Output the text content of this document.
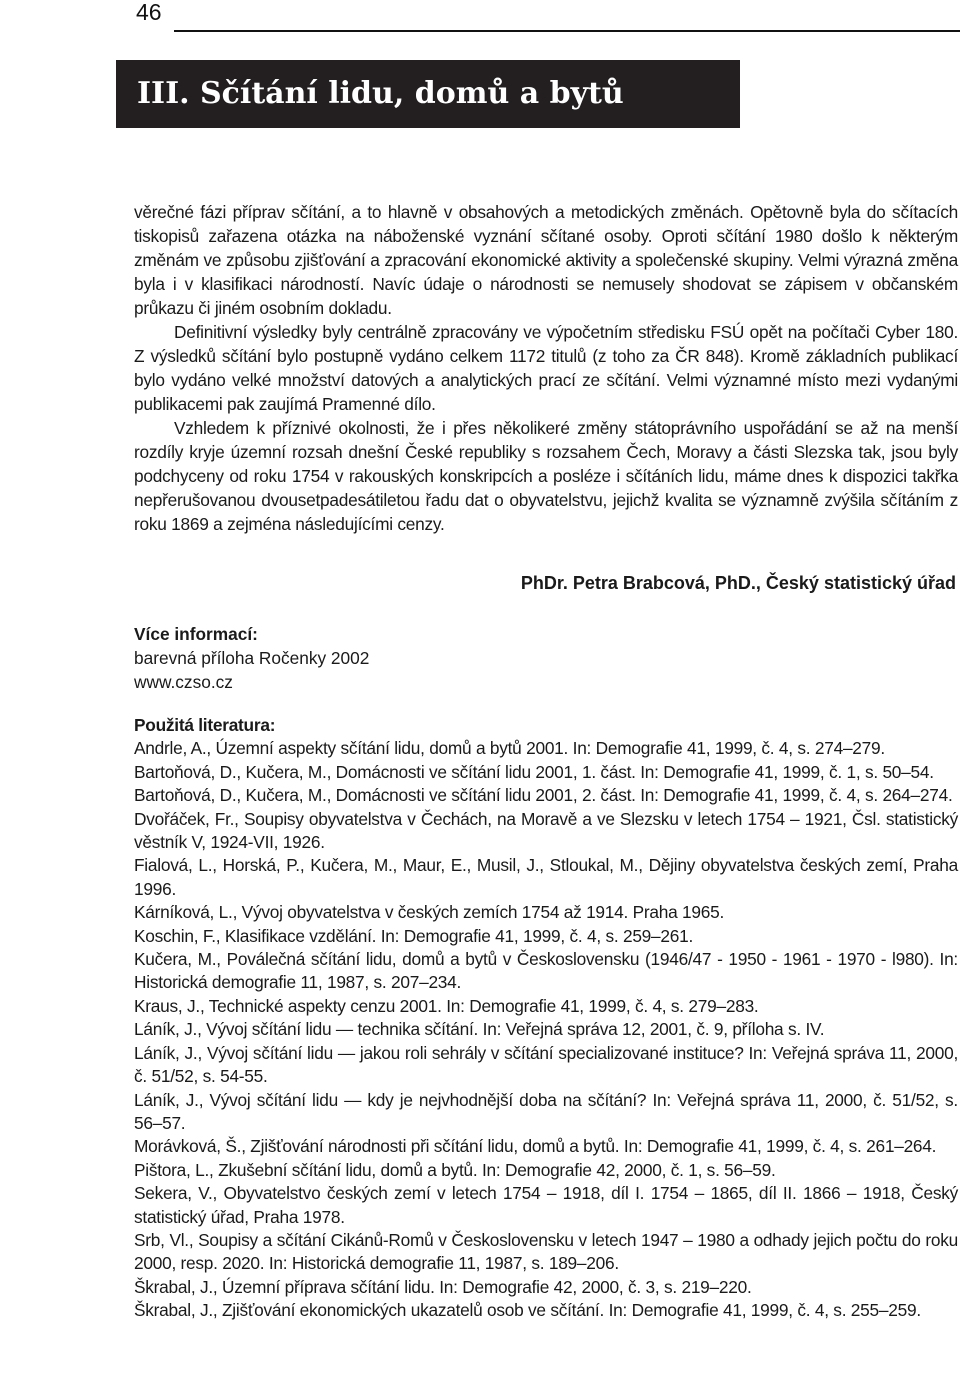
46
III. Sčítání lidu, domů a bytů

věrečné fázi příprav sčítání, a to hlavně v obsahových a metodických změnách. Opětovně byla do sčítacích tiskopisů zařazena otázka na náboženské vyznání sčítané osoby. Oproti sčítání 1980 došlo k některým změnám ve způsobu zjišťování a zpracování ekonomické aktivity a společenské skupiny. Velmi výrazná změna byla i v klasifikaci národností. Navíc údaje o národnosti se nemusely shodovat se zápisem v občanském průkazu či jiném osobním dokladu.

Definitivní výsledky byly centrálně zpracovány ve výpočetním středisku FSÚ opět na počítači Cyber 180. Z výsledků sčítání bylo postupně vydáno celkem 1172 titulů (z toho za ČR 848). Kromě základních publikací bylo vydáno velké množství datových a analytických prací ze sčítání. Velmi významné místo mezi vydanými publikacemi pak zaujímá Pramenné dílo.

Vzhledem k příznivé okolnosti, že i přes několikeré změny státoprávního uspořádání se až na menší rozdíly kryje územní rozsah dnešní České republiky s rozsahem Čech, Moravy a části Slezska tak, jsou byly podchyceny od roku 1754 v rakouských konskripcích a posléze i sčítáních lidu, máme dnes k dispozici takřka nepřerušovanou dvousetpadesátiletou řadu dat o obyvatelstvu, jejichž kvalita se významně zvýšila sčítáním z roku 1869 a zejména následujícími cenzy.

PhDr. Petra Brabcová, PhD., Český statistický úřad
Více informací:
barevná příloha Ročenky 2002
www.czso.cz
Použitá literatura:
Andrle, A., Územní aspekty sčítání lidu, domů a bytů 2001. In: Demografie 41, 1999, č. 4, s. 274–279.
Bartoňová, D., Kučera, M., Domácnosti ve sčítání lidu 2001, 1. část. In: Demografie 41, 1999, č. 1, s. 50–54.
Bartoňová, D., Kučera, M., Domácnosti ve sčítání lidu 2001, 2. část. In: Demografie 41, 1999, č. 4, s. 264–274.
Dvořáček, Fr., Soupisy obyvatelstva v Čechách, na Moravě a ve Slezsku v letech 1754 – 1921, Čsl. statistický věstník V, 1924-VII, 1926.
Fialová, L., Horská, P., Kučera, M., Maur, E., Musil, J., Stloukal, M., Dějiny obyvatelstva českých zemí, Praha 1996.
Kárníková, L., Vývoj obyvatelstva v českých zemích 1754 až 1914. Praha 1965.
Koschin, F., Klasifikace vzdělání. In: Demografie 41, 1999, č. 4, s. 259–261.
Kučera, M., Poválečná sčítání lidu, domů a bytů v Československu (1946/47 - 1950 - 1961 - 1970 - l980). In: Historická demografie 11, 1987, s. 207–234.
Kraus, J., Technické aspekty cenzu 2001. In: Demografie 41, 1999, č. 4, s. 279–283.
Láník, J., Vývoj sčítání lidu — technika sčítání. In: Veřejná správa 12, 2001, č. 9, příloha s. IV.
Láník, J., Vývoj sčítání lidu — jakou roli sehrály v sčítání specializované instituce? In: Veřejná správa 11, 2000, č. 51/52, s. 54-55.
Láník, J., Vývoj sčítání lidu — kdy je nejvhodnější doba na sčítání? In: Veřejná správa 11, 2000, č. 51/52, s. 56–57.
Morávková, Š., Zjišťování národnosti při sčítání lidu, domů a bytů. In: Demografie 41, 1999, č. 4, s. 261–264.
Pištora, L., Zkušební sčítání lidu, domů a bytů. In: Demografie 42, 2000, č. 1, s. 56–59.
Sekera, V., Obyvatelstvo českých zemí v letech 1754 – 1918, díl I. 1754 – 1865, díl II. 1866 – 1918, Český statistický úřad, Praha 1978.
Srb, Vl., Soupisy a sčítání Cikánů-Romů v Československu v letech 1947 – 1980 a odhady jejich počtu do roku 2000, resp. 2020. In: Historická demografie 11, 1987, s. 189–206.
Škrabal, J., Územní příprava sčítání lidu. In: Demografie 42, 2000, č. 3, s. 219–220.
Škrabal, J., Zjišťování ekonomických ukazatelů osob ve sčítání. In: Demografie 41, 1999, č. 4, s. 255–259.
